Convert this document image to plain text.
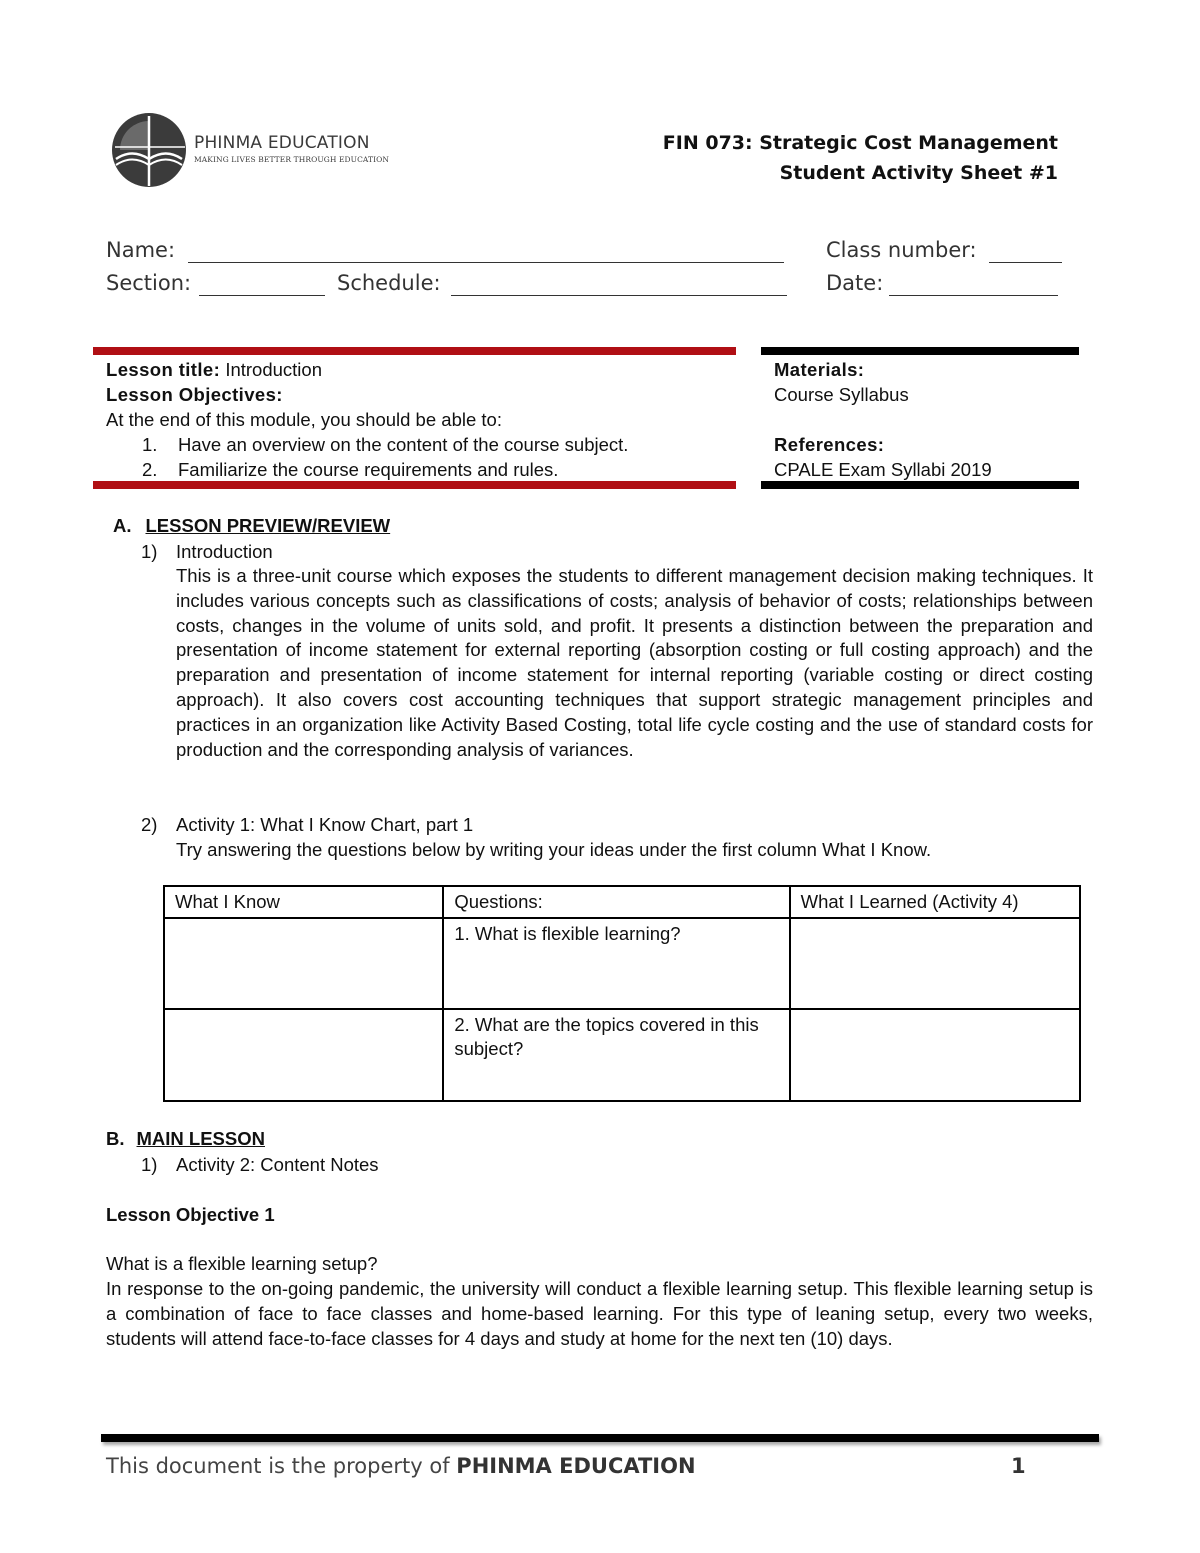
PHINMA EDUCATION
MAKING LIVES BETTER THROUGH EDUCATION
FIN 073: Strategic Cost Management
Student Activity Sheet #1
Name:	Class number:
Section:	Schedule:	Date:
Lesson title: Introduction
Lesson Objectives:
At the end of this module, you should be able to:
1. Have an overview on the content of the course subject.
2. Familiarize the course requirements and rules.
Materials:
Course Syllabus
References:
CPALE Exam Syllabi 2019
A. LESSON PREVIEW/REVIEW
1) Introduction
This is a three-unit course which exposes the students to different management decision making techniques. It includes various concepts such as classifications of costs; analysis of behavior of costs; relationships between costs, changes in the volume of units sold, and profit. It presents a distinction between the preparation and presentation of income statement for external reporting (absorption costing or full costing approach) and the preparation and presentation of income statement for internal reporting (variable costing or direct costing approach). It also covers cost accounting techniques that support strategic management principles and practices in an organization like Activity Based Costing, total life cycle costing and the use of standard costs for production and the corresponding analysis of variances.
2) Activity 1: What I Know Chart, part 1
Try answering the questions below by writing your ideas under the first column What I Know.
What I Know	Questions:	What I Learned (Activity 4)
	1. What is flexible learning?	
	2. What are the topics covered in this subject?	
B. MAIN LESSON
1) Activity 2: Content Notes
Lesson Objective 1
What is a flexible learning setup?
In response to the on-going pandemic, the university will conduct a flexible learning setup. This flexible learning setup is a combination of face to face classes and home-based learning. For this type of leaning setup, every two weeks, students will attend face-to-face classes for 4 days and study at home for the next ten (10) days.
This document is the property of PHINMA EDUCATION	1
